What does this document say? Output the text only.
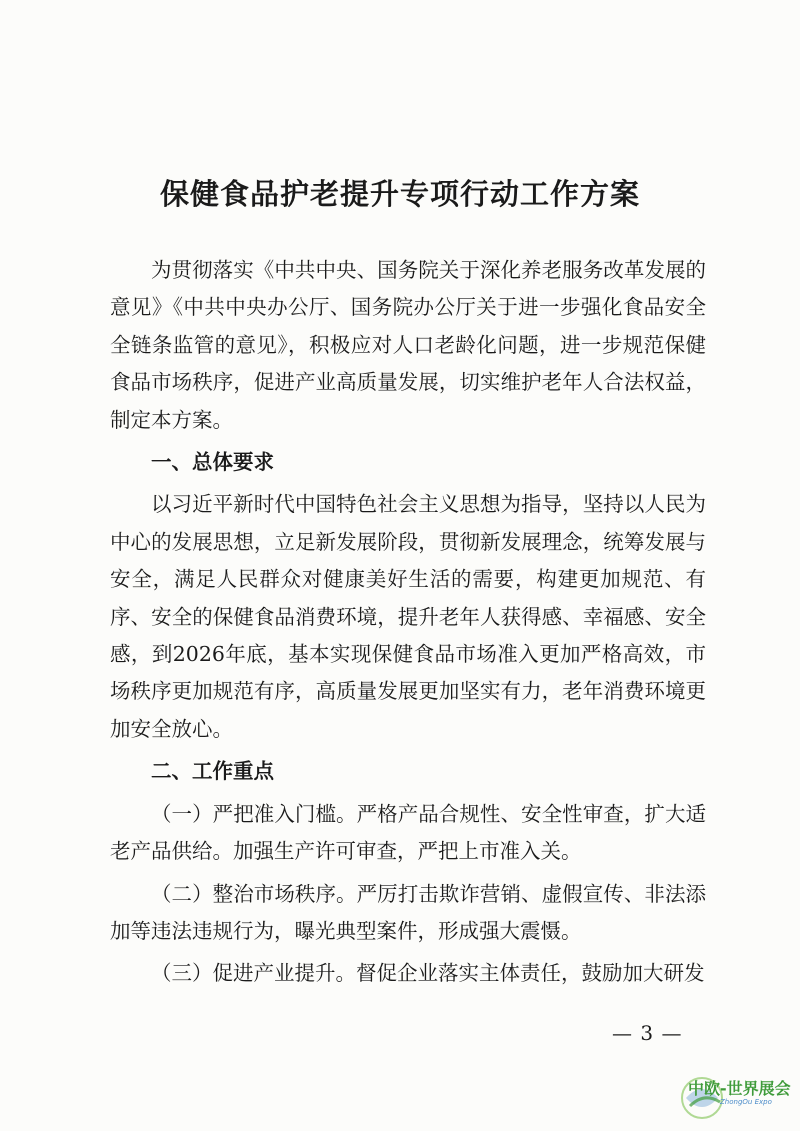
保健食品护老提升专项行动工作方案

为贯彻落实《中共中央、国务院关于深化养老服务改革发展的意见》《中共中央办公厅、国务院办公厅关于进一步强化食品安全全链条监管的意见》，积极应对人口老龄化问题，进一步规范保健食品市场秩序，促进产业高质量发展，切实维护老年人合法权益，制定本方案。

一、总体要求

以习近平新时代中国特色社会主义思想为指导，坚持以人民为中心的发展思想，立足新发展阶段，贯彻新发展理念，统筹发展与安全，满足人民群众对健康美好生活的需要，构建更加规范、有序、安全的保健食品消费环境，提升老年人获得感、幸福感、安全感，到2026年底，基本实现保健食品市场准入更加严格高效，市场秩序更加规范有序，高质量发展更加坚实有力，老年消费环境更加安全放心。

二、工作重点

（一）严把准入门槛。严格产品合规性、安全性审查，扩大适老产品供给。加强生产许可审查，严把上市准入关。

（二）整治市场秩序。严厉打击欺诈营销、虚假宣传、非法添加等违法违规行为，曝光典型案件，形成强大震慑。

（三）促进产业提升。督促企业落实主体责任，鼓励加大研发

— 3 —
中欧-世界展会
ZhongOu Expo
